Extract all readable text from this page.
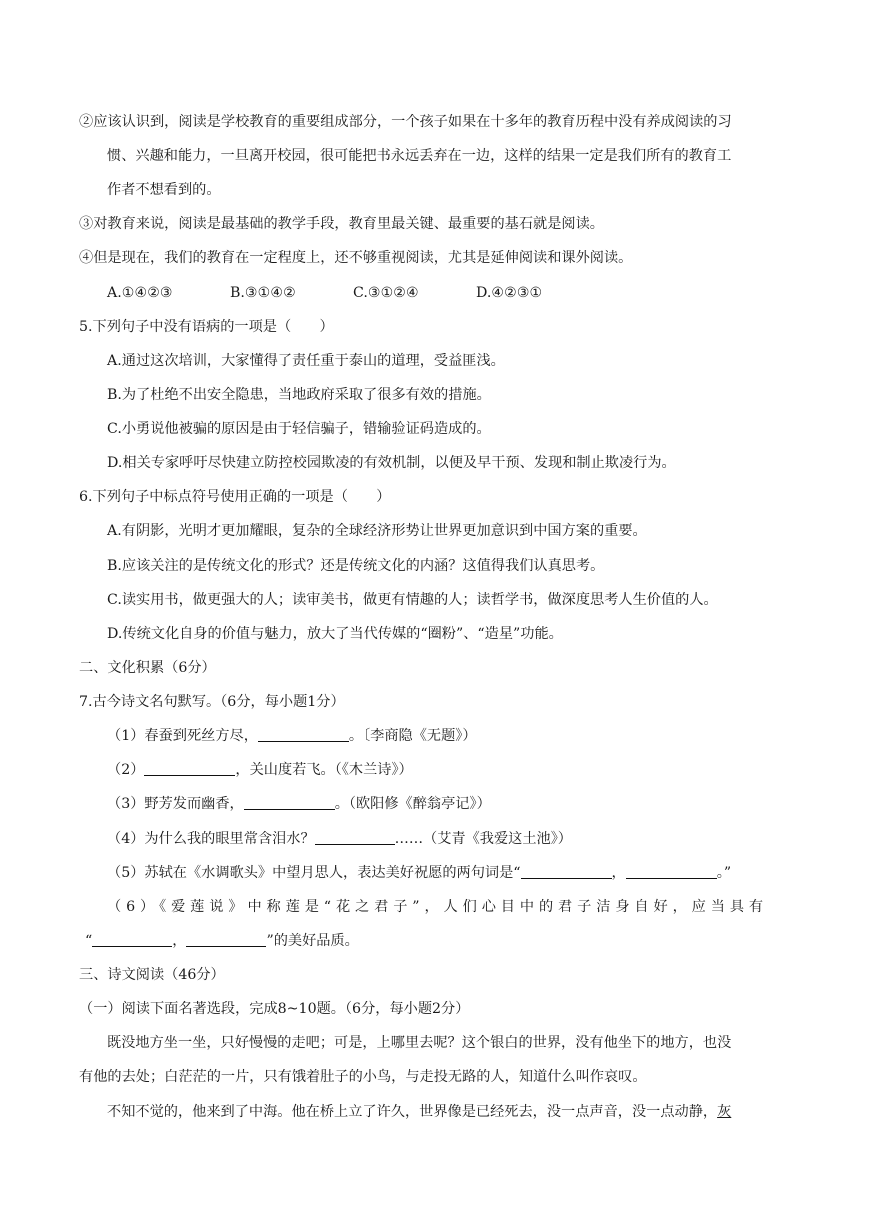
②应该认识到，阅读是学校教育的重要组成部分，一个孩子如果在十多年的教育历程中没有养成阅读的习
惯、兴趣和能力，一旦离开校园，很可能把书永远丢弃在一边，这样的结果一定是我们所有的教育工
作者不想看到的。
③对教育来说，阅读是最基础的教学手段，教育里最关键、最重要的基石就是阅读。
④但是现在，我们的教育在一定程度上，还不够重视阅读，尤其是延伸阅读和课外阅读。
A.①④②③	B.③①④②	C.③①②④	D.④②③①
5.下列句子中没有语病的一项是（　　）
A.通过这次培训，大家懂得了责任重于泰山的道理，受益匪浅。
B.为了杜绝不出安全隐患，当地政府采取了很多有效的措施。
C.小勇说他被骗的原因是由于轻信骗子，错输验证码造成的。
D.相关专家呼吁尽快建立防控校园欺凌的有效机制，以便及早干预、发现和制止欺凌行为。
6.下列句子中标点符号使用正确的一项是（　　）
A.有阴影，光明才更加耀眼，复杂的全球经济形势让世界更加意识到中国方案的重要。
B.应该关注的是传统文化的形式？还是传统文化的内涵？这值得我们认真思考。
C.读实用书，做更强大的人；读审美书，做更有情趣的人；读哲学书，做深度思考人生价值的人。
D.传统文化自身的价值与魅力，放大了当代传媒的“圈粉”、“造星”功能。
二、文化积累（6分）
7.古今诗文名句默写。（6分，每小题1分）
（1）春蚕到死丝方尽，	。〔李商隐《无题》）
（2）	，关山度若飞。（《木兰诗》）
（3）野芳发而幽香，	。（欧阳修《醉翁亭记》）
（4）为什么我的眼里常含泪水？	……（艾青《我爱这土池》）
（5）苏轼在《水调歌头》中望月思人，表达美好祝愿的两句词是“	，	。”
（6）《爱莲说》中称莲是“花之君子”，人们心目中的君子洁身自好，应当具有
“	，	”的美好品质。
三、诗文阅读（46分）
（一）阅读下面名著选段，完成8~10题。（6分，每小题2分）
既没地方坐一坐，只好慢慢的走吧；可是，上哪里去呢？这个银白的世界，没有他坐下的地方，也没
有他的去处；白茫茫的一片，只有饿着肚子的小鸟，与走投无路的人，知道什么叫作哀叹。
不知不觉的，他来到了中海。他在桥上立了许久，世界像是已经死去，没一点声音，没一点动静，灰
